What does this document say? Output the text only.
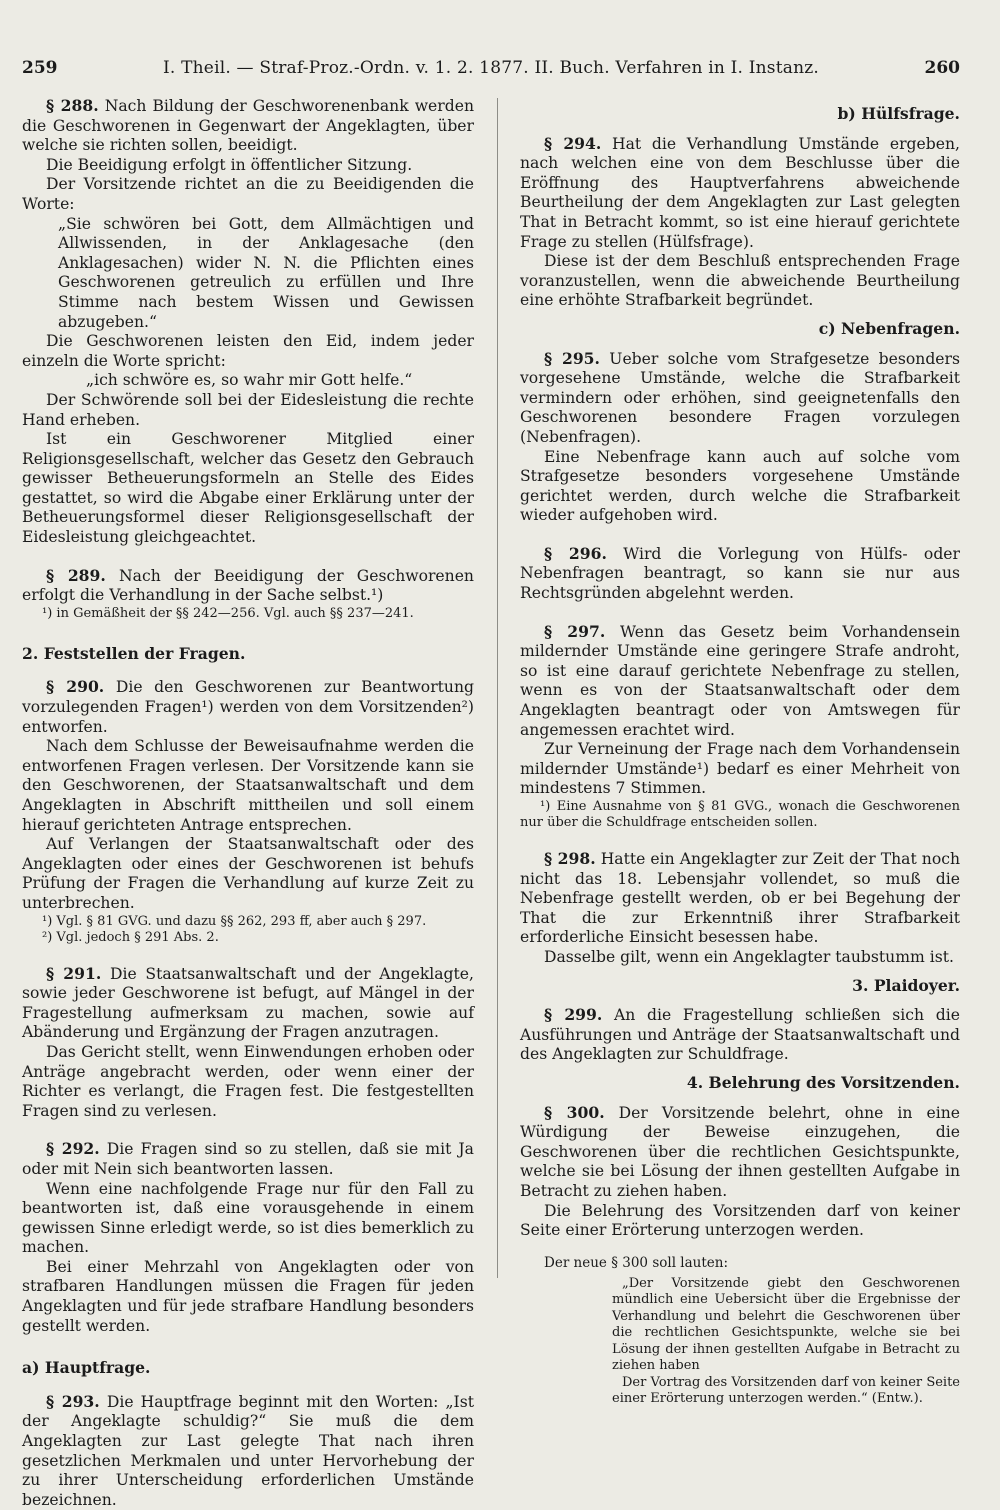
259	I. Theil. — Straf-Proz.-Ordn. v. 1. 2. 1877. II. Buch. Verfahren in I. Instanz.	260

§ 288. Nach Bildung der Geschworenenbank werden die Geschworenen in Gegenwart der Angeklagten, über welche sie richten sollen, beeidigt.

Die Beeidigung erfolgt in öffentlicher Sitzung.

Der Vorsitzende richtet an die zu Beeidigenden die Worte:

„Sie schwören bei Gott, dem Allmächtigen und Allwissenden, in der Anklagesache (den Anklagesachen) wider N. N. die Pflichten eines Geschworenen getreulich zu erfüllen und Ihre Stimme nach bestem Wissen und Gewissen abzugeben.“

Die Geschworenen leisten den Eid, indem jeder einzeln die Worte spricht:

„ich schwöre es, so wahr mir Gott helfe.“

Der Schwörende soll bei der Eidesleistung die rechte Hand erheben.

Ist ein Geschworener Mitglied einer Religionsgesellschaft, welcher das Gesetz den Gebrauch gewisser Betheuerungsformeln an Stelle des Eides gestattet, so wird die Abgabe einer Erklärung unter der Betheuerungsformel dieser Religionsgesellschaft der Eidesleistung gleichgeachtet.

§ 289. Nach der Beeidigung der Geschworenen erfolgt die Verhandlung in der Sache selbst.¹)

¹) in Gemäßheit der §§ 242—256. Vgl. auch §§ 237—241.

2. Feststellen der Fragen.

§ 290. Die den Geschworenen zur Beantwortung vorzulegenden Fragen¹) werden von dem Vorsitzenden²) entworfen.

Nach dem Schlusse der Beweisaufnahme werden die entworfenen Fragen verlesen. Der Vorsitzende kann sie den Geschworenen, der Staatsanwaltschaft und dem Angeklagten in Abschrift mittheilen und soll einem hierauf gerichteten Antrage entsprechen.

Auf Verlangen der Staatsanwaltschaft oder des Angeklagten oder eines der Geschworenen ist behufs Prüfung der Fragen die Verhandlung auf kurze Zeit zu unterbrechen.

¹) Vgl. § 81 GVG. und dazu §§ 262, 293 ff, aber auch § 297.

²) Vgl. jedoch § 291 Abs. 2.

§ 291. Die Staatsanwaltschaft und der Angeklagte, sowie jeder Geschworene ist befugt, auf Mängel in der Fragestellung aufmerksam zu machen, sowie auf Abänderung und Ergänzung der Fragen anzutragen.

Das Gericht stellt, wenn Einwendungen erhoben oder Anträge angebracht werden, oder wenn einer der Richter es verlangt, die Fragen fest. Die festgestellten Fragen sind zu verlesen.

§ 292. Die Fragen sind so zu stellen, daß sie mit Ja oder mit Nein sich beantworten lassen.

Wenn eine nachfolgende Frage nur für den Fall zu beantworten ist, daß eine vorausgehende in einem gewissen Sinne erledigt werde, so ist dies bemerklich zu machen.

Bei einer Mehrzahl von Angeklagten oder von strafbaren Handlungen müssen die Fragen für jeden Angeklagten und für jede strafbare Handlung besonders gestellt werden.

a) Hauptfrage.

§ 293. Die Hauptfrage beginnt mit den Worten: „Ist der Angeklagte schuldig?“ Sie muß die dem Angeklagten zur Last gelegte That nach ihren gesetzlichen Merkmalen und unter Hervorhebung der zu ihrer Unterscheidung erforderlichen Umstände bezeichnen.

b) Hülfsfrage.

§ 294. Hat die Verhandlung Umstände ergeben, nach welchen eine von dem Beschlusse über die Eröffnung des Hauptverfahrens abweichende Beurtheilung der dem Angeklagten zur Last gelegten That in Betracht kommt, so ist eine hierauf gerichtete Frage zu stellen (Hülfsfrage).

Diese ist der dem Beschluß entsprechenden Frage voranzustellen, wenn die abweichende Beurtheilung eine erhöhte Strafbarkeit begründet.

c) Nebenfragen.

§ 295. Ueber solche vom Strafgesetze besonders vorgesehene Umstände, welche die Strafbarkeit vermindern oder erhöhen, sind geeignetenfalls den Geschworenen besondere Fragen vorzulegen (Nebenfragen).

Eine Nebenfrage kann auch auf solche vom Strafgesetze besonders vorgesehene Umstände gerichtet werden, durch welche die Strafbarkeit wieder aufgehoben wird.

§ 296. Wird die Vorlegung von Hülfs- oder Nebenfragen beantragt, so kann sie nur aus Rechtsgründen abgelehnt werden.

§ 297. Wenn das Gesetz beim Vorhandensein mildernder Umstände eine geringere Strafe androht, so ist eine darauf gerichtete Nebenfrage zu stellen, wenn es von der Staatsanwaltschaft oder dem Angeklagten beantragt oder von Amtswegen für angemessen erachtet wird.

Zur Verneinung der Frage nach dem Vorhandensein mildernder Umstände¹) bedarf es einer Mehrheit von mindestens 7 Stimmen.

¹) Eine Ausnahme von § 81 GVG., wonach die Geschworenen nur über die Schuldfrage entscheiden sollen.

§ 298. Hatte ein Angeklagter zur Zeit der That noch nicht das 18. Lebensjahr vollendet, so muß die Nebenfrage gestellt werden, ob er bei Begehung der That die zur Erkenntniß ihrer Strafbarkeit erforderliche Einsicht besessen habe.

Dasselbe gilt, wenn ein Angeklagter taubstumm ist.

3. Plaidoyer.

§ 299. An die Fragestellung schließen sich die Ausführungen und Anträge der Staatsanwaltschaft und des Angeklagten zur Schuldfrage.

4. Belehrung des Vorsitzenden.

§ 300. Der Vorsitzende belehrt, ohne in eine Würdigung der Beweise einzugehen, die Geschworenen über die rechtlichen Gesichtspunkte, welche sie bei Lösung der ihnen gestellten Aufgabe in Betracht zu ziehen haben.

Die Belehrung des Vorsitzenden darf von keiner Seite einer Erörterung unterzogen werden.

Der neue § 300 soll lauten:

„Der Vorsitzende giebt den Geschworenen mündlich eine Uebersicht über die Ergebnisse der Verhandlung und belehrt die Geschworenen über die rechtlichen Gesichtspunkte, welche sie bei Lösung der ihnen gestellten Aufgabe in Betracht zu ziehen haben

Der Vortrag des Vorsitzenden darf von keiner Seite einer Erörterung unterzogen werden.“ (Entw.).
